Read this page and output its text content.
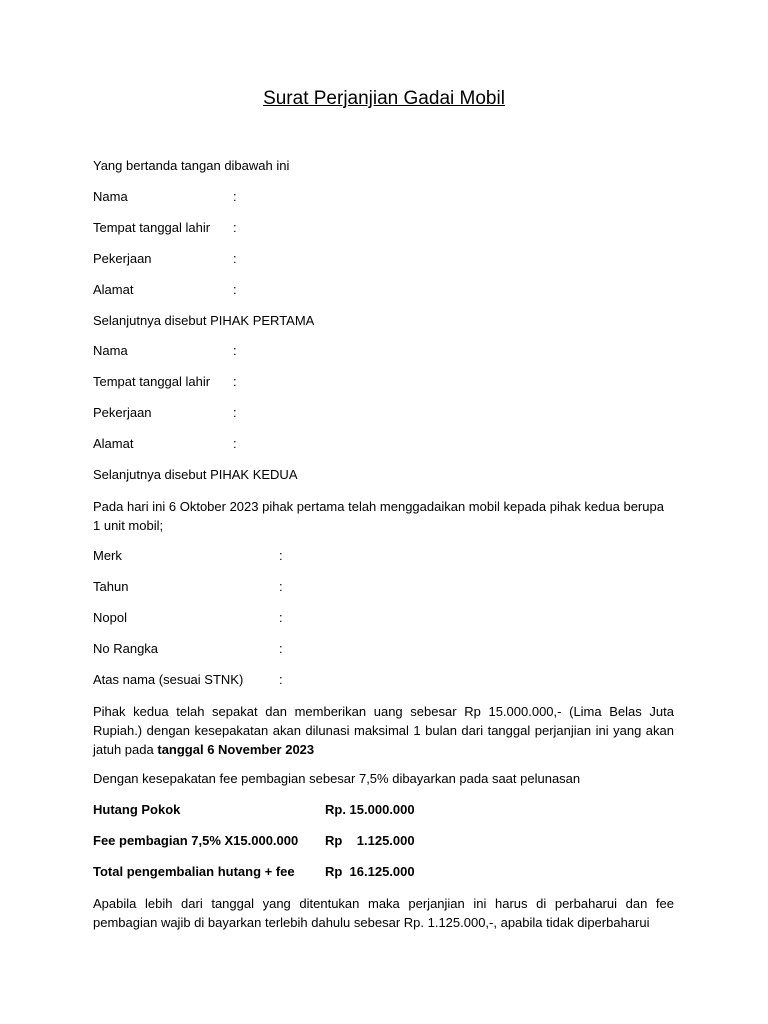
Surat Perjanjian Gadai Mobil
Yang bertanda tangan dibawah ini
Nama	:
Tempat tanggal lahir :
Pekerjaan	:
Alamat	:
Selanjutnya disebut PIHAK PERTAMA
Nama	:
Tempat tanggal lahir :
Pekerjaan	:
Alamat	:
Selanjutnya disebut PIHAK KEDUA
Pada hari ini 6 Oktober 2023 pihak pertama telah menggadaikan mobil kepada pihak kedua berupa 1 unit mobil;
Merk	:
Tahun	:
Nopol	:
No Rangka	:
Atas nama (sesuai STNK)	:
Pihak kedua telah sepakat dan memberikan uang sebesar Rp 15.000.000,- (Lima Belas Juta Rupiah.) dengan kesepakatan akan dilunasi maksimal 1 bulan dari tanggal perjanjian ini yang akan jatuh pada tanggal 6 November 2023
Dengan kesepakatan fee pembagian sebesar 7,5% dibayarkan pada saat pelunasan
Hutang Pokok	Rp. 15.000.000
Fee pembagian 7,5% X15.000.000 Rp    1.125.000
Total pengembalian hutang + fee Rp  16.125.000
Apabila lebih dari tanggal yang ditentukan maka perjanjian ini harus di perbaharui dan fee pembagian wajib di bayarkan terlebih dahulu sebesar Rp. 1.125.000,-, apabila tidak diperbaharui
